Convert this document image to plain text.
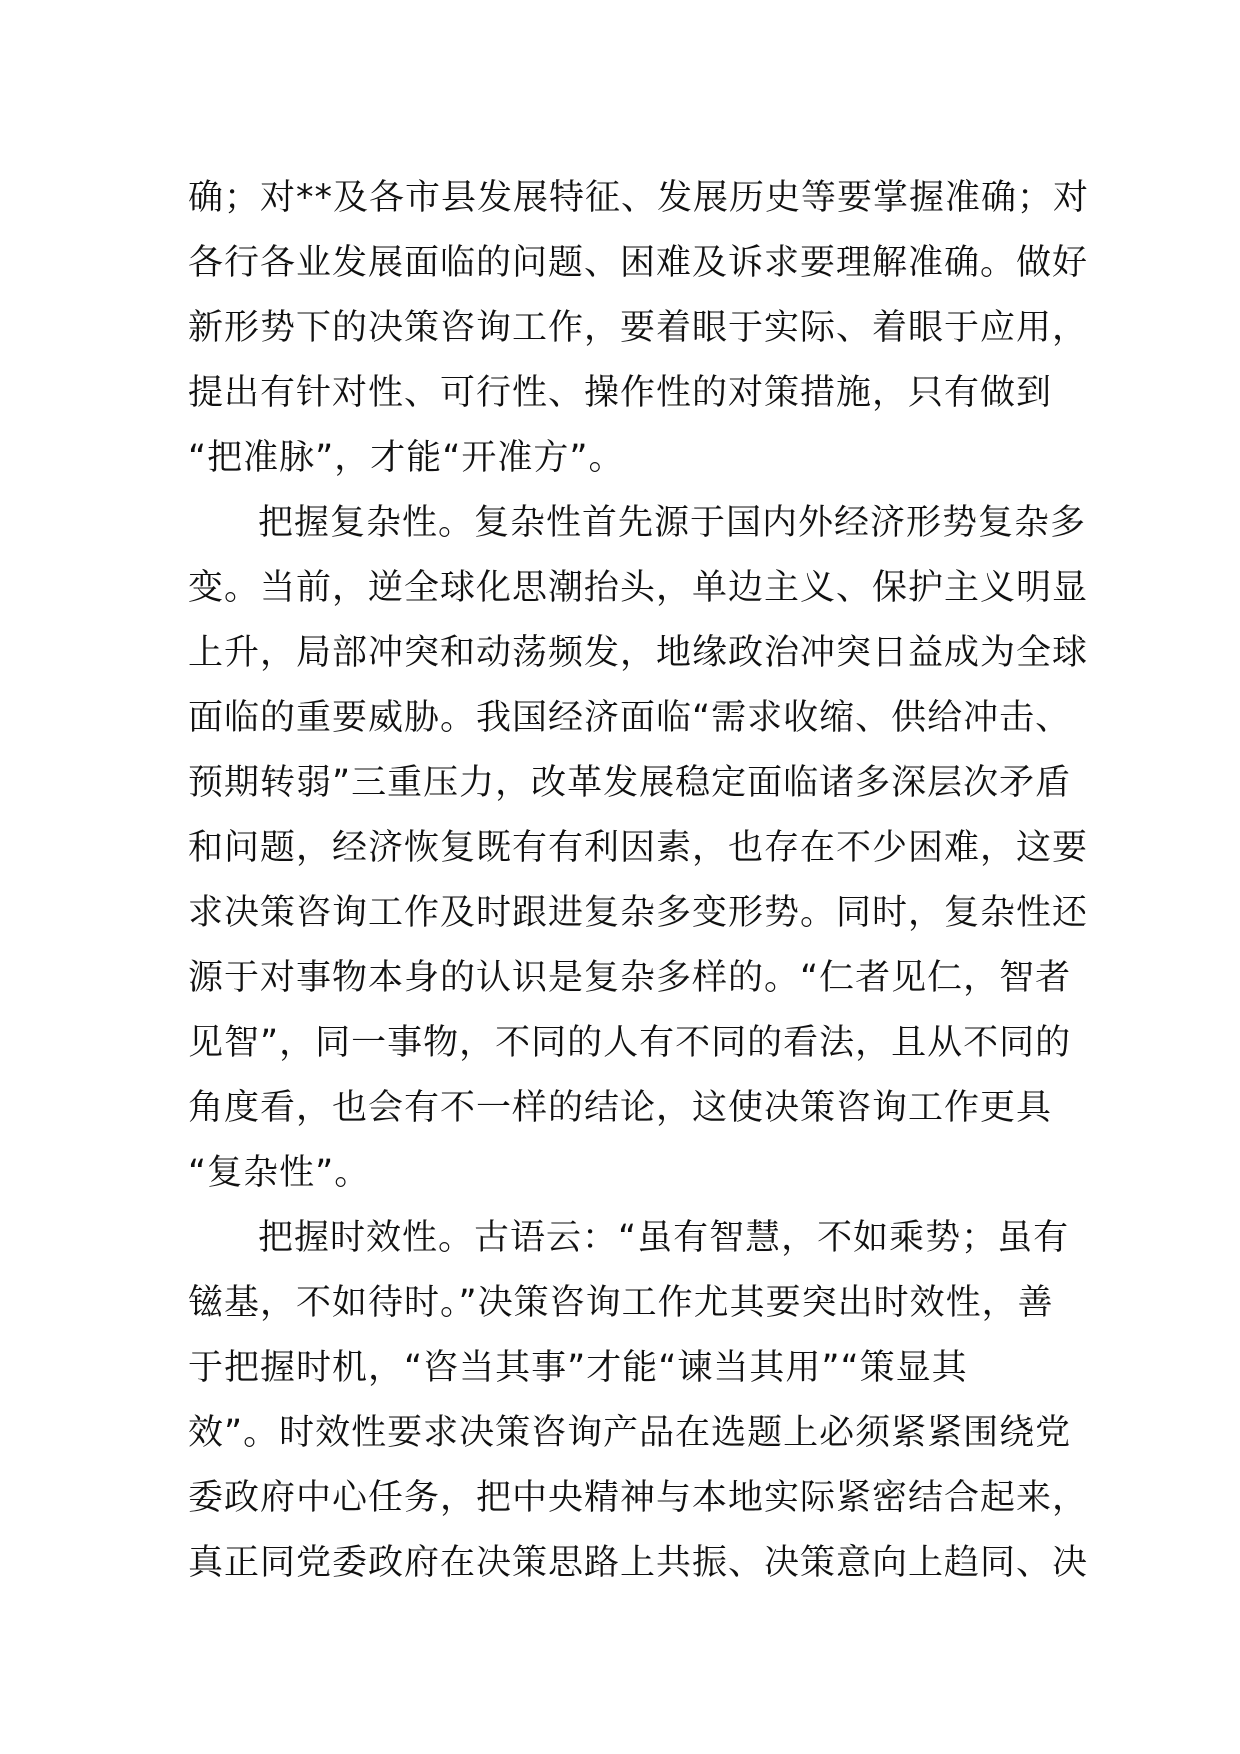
确；对**及各市县发展特征、发展历史等要掌握准确；对
各行各业发展面临的问题、困难及诉求要理解准确。做好
新形势下的决策咨询工作，要着眼于实际、着眼于应用，
提出有针对性、可行性、操作性的对策措施，只有做到
“把准脉”，才能“开准方”。
把握复杂性。复杂性首先源于国内外经济形势复杂多
变。当前，逆全球化思潮抬头，单边主义、保护主义明显
上升，局部冲突和动荡频发，地缘政治冲突日益成为全球
面临的重要威胁。我国经济面临“需求收缩、供给冲击、
预期转弱”三重压力，改革发展稳定面临诸多深层次矛盾
和问题，经济恢复既有有利因素，也存在不少困难，这要
求决策咨询工作及时跟进复杂多变形势。同时，复杂性还
源于对事物本身的认识是复杂多样的。“仁者见仁，智者
见智”，同一事物，不同的人有不同的看法，且从不同的
角度看，也会有不一样的结论，这使决策咨询工作更具
“复杂性”。
把握时效性。古语云：“虽有智慧，不如乘势；虽有
镃基，不如待时。”决策咨询工作尤其要突出时效性，善
于把握时机，“咨当其事”才能“谏当其用”“策显其
效”。时效性要求决策咨询产品在选题上必须紧紧围绕党
委政府中心任务，把中央精神与本地实际紧密结合起来，
真正同党委政府在决策思路上共振、决策意向上趋同、决
